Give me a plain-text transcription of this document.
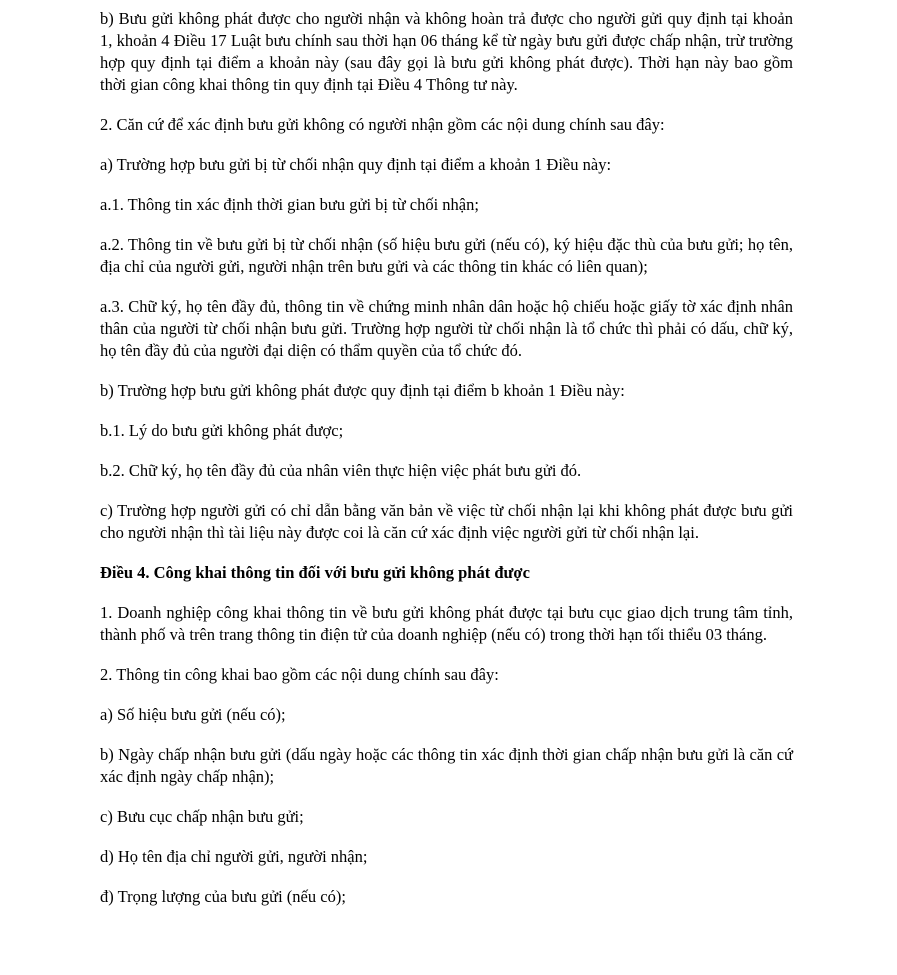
b) Bưu gửi không phát được cho người nhận và không hoàn trả được cho người gửi quy định tại khoản 1, khoản 4 Điều 17 Luật bưu chính sau thời hạn 06 tháng kể từ ngày bưu gửi được chấp nhận, trừ trường hợp quy định tại điểm a khoản này (sau đây gọi là bưu gửi không phát được). Thời hạn này bao gồm thời gian công khai thông tin quy định tại Điều 4 Thông tư này.

2. Căn cứ để xác định bưu gửi không có người nhận gồm các nội dung chính sau đây:

a) Trường hợp bưu gửi bị từ chối nhận quy định tại điểm a khoản 1 Điều này:

a.1. Thông tin xác định thời gian bưu gửi bị từ chối nhận;

a.2. Thông tin về bưu gửi bị từ chối nhận (số hiệu bưu gửi (nếu có), ký hiệu đặc thù của bưu gửi; họ tên, địa chỉ của người gửi, người nhận trên bưu gửi và các thông tin khác có liên quan);

a.3. Chữ ký, họ tên đầy đủ, thông tin về chứng minh nhân dân hoặc hộ chiếu hoặc giấy tờ xác định nhân thân của người từ chối nhận bưu gửi. Trường hợp người từ chối nhận là tổ chức thì phải có dấu, chữ ký, họ tên đầy đủ của người đại diện có thẩm quyền của tổ chức đó.

b) Trường hợp bưu gửi không phát được quy định tại điểm b khoản 1 Điều này:

b.1. Lý do bưu gửi không phát được;

b.2. Chữ ký, họ tên đầy đủ của nhân viên thực hiện việc phát bưu gửi đó.

c) Trường hợp người gửi có chỉ dẫn bằng văn bản về việc từ chối nhận lại khi không phát được bưu gửi cho người nhận thì tài liệu này được coi là căn cứ xác định việc người gửi từ chối nhận lại.

Điều 4. Công khai thông tin đối với bưu gửi không phát được

1. Doanh nghiệp công khai thông tin về bưu gửi không phát được tại bưu cục giao dịch trung tâm tỉnh, thành phố và trên trang thông tin điện tử của doanh nghiệp (nếu có) trong thời hạn tối thiểu 03 tháng.

2. Thông tin công khai bao gồm các nội dung chính sau đây:

a) Số hiệu bưu gửi (nếu có);

b) Ngày chấp nhận bưu gửi (dấu ngày hoặc các thông tin xác định thời gian chấp nhận bưu gửi là căn cứ xác định ngày chấp nhận);

c) Bưu cục chấp nhận bưu gửi;

d) Họ tên địa chỉ người gửi, người nhận;

đ) Trọng lượng của bưu gửi (nếu có);
